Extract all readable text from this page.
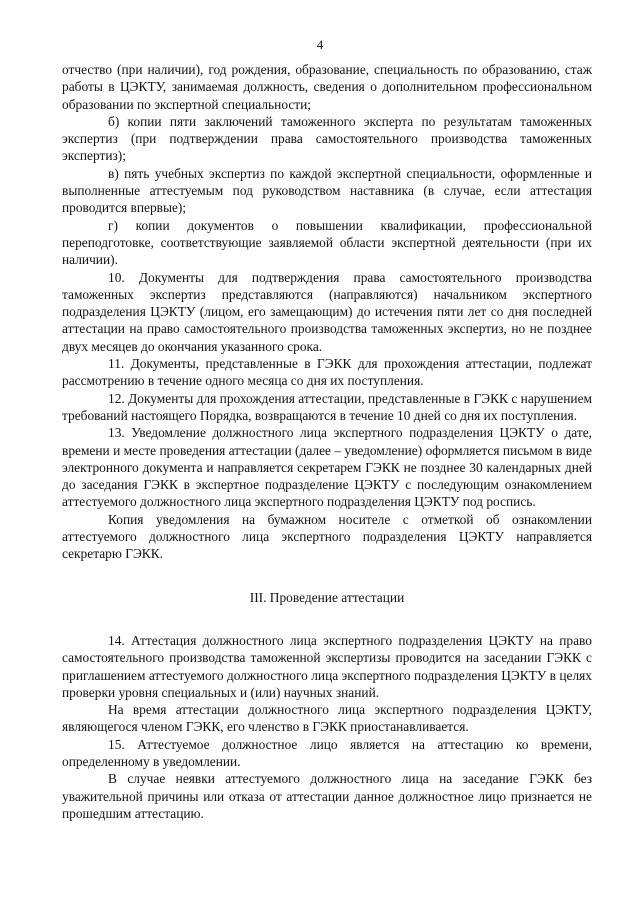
4

отчество (при наличии), год рождения, образование, специальность по образованию, стаж работы в ЦЭКТУ, занимаемая должность, сведения о дополнительном профессиональном образовании по экспертной специальности;

б) копии пяти заключений таможенного эксперта по результатам таможенных экспертиз (при подтверждении права самостоятельного производства таможенных экспертиз);

в) пять учебных экспертиз по каждой экспертной специальности, оформленные и выполненные аттестуемым под руководством наставника (в случае, если аттестация проводится впервые);

г) копии документов о повышении квалификации, профессиональной переподготовке, соответствующие заявляемой области экспертной деятельности (при их наличии).

10. Документы для подтверждения права самостоятельного производства таможенных экспертиз представляются (направляются) начальником экспертного подразделения ЦЭКТУ (лицом, его замещающим) до истечения пяти лет со дня последней аттестации на право самостоятельного производства таможенных экспертиз, но не позднее двух месяцев до окончания указанного срока.

11. Документы, представленные в ГЭКК для прохождения аттестации, подлежат рассмотрению в течение одного месяца со дня их поступления.

12. Документы для прохождения аттестации, представленные в ГЭКК с нарушением требований настоящего Порядка, возвращаются в течение 10 дней со дня их поступления.

13. Уведомление должностного лица экспертного подразделения ЦЭКТУ о дате, времени и месте проведения аттестации (далее – уведомление) оформляется письмом в виде электронного документа и направляется секретарем ГЭКК не позднее 30 календарных дней до заседания ГЭКК в экспертное подразделение ЦЭКТУ с последующим ознакомлением аттестуемого должностного лица экспертного подразделения ЦЭКТУ под роспись.

Копия уведомления на бумажном носителе с отметкой об ознакомлении аттестуемого должностного лица экспертного подразделения ЦЭКТУ направляется секретарю ГЭКК.

III. Проведение аттестации

14. Аттестация должностного лица экспертного подразделения ЦЭКТУ на право самостоятельного производства таможенной экспертизы проводится на заседании ГЭКК с приглашением аттестуемого должностного лица экспертного подразделения ЦЭКТУ в целях проверки уровня специальных и (или) научных знаний.

На время аттестации должностного лица экспертного подразделения ЦЭКТУ, являющегося членом ГЭКК, его членство в ГЭКК приостанавливается.

15. Аттестуемое должностное лицо является на аттестацию ко времени, определенному в уведомлении.

В случае неявки аттестуемого должностного лица на заседание ГЭКК без уважительной причины или отказа от аттестации данное должностное лицо признается не прошедшим аттестацию.
